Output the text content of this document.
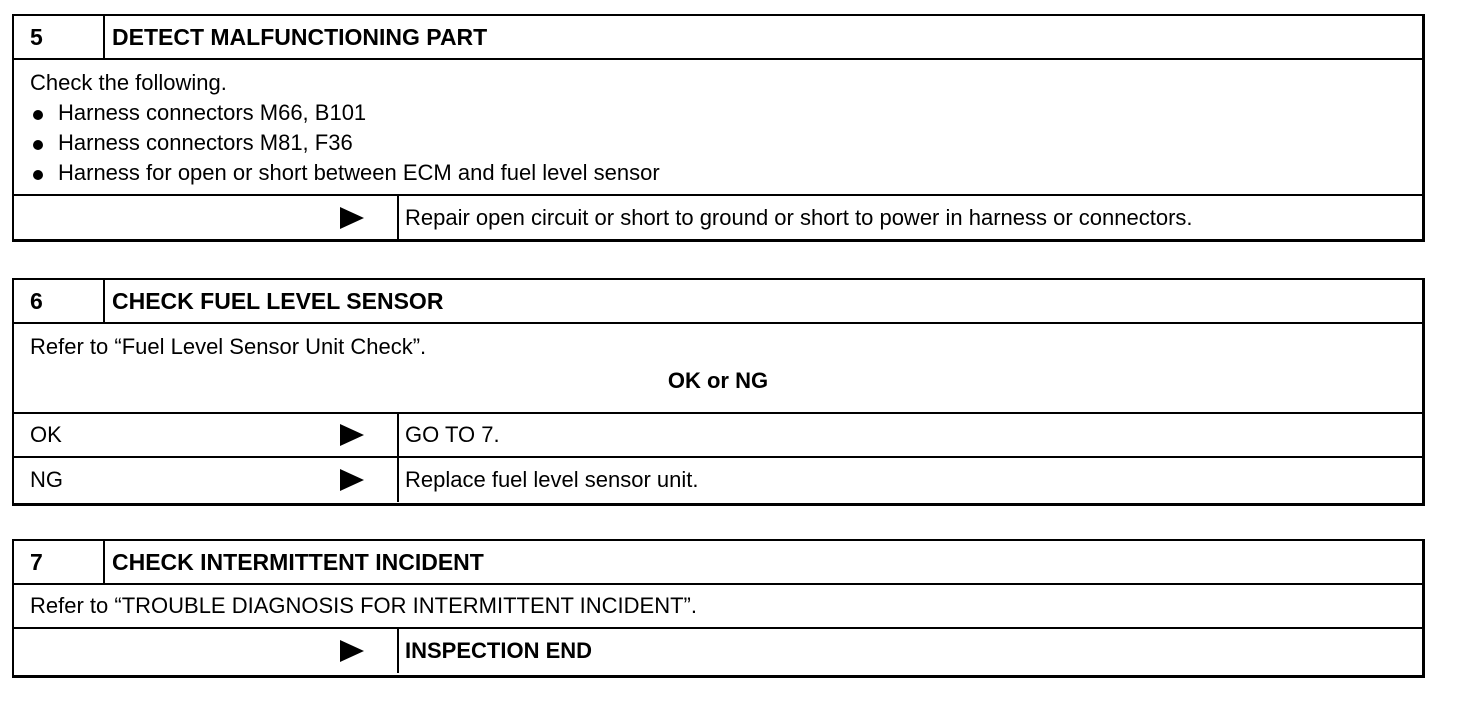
5	DETECT MALFUNCTIONING PART
Check the following.
Harness connectors M66, B101
Harness connectors M81, F36
Harness for open or short between ECM and fuel level sensor
Repair open circuit or short to ground or short to power in harness or connectors.
6	CHECK FUEL LEVEL SENSOR
Refer to “Fuel Level Sensor Unit Check”.
OK or NG
OK	GO TO 7.
NG	Replace fuel level sensor unit.
7	CHECK INTERMITTENT INCIDENT
Refer to “TROUBLE DIAGNOSIS FOR INTERMITTENT INCIDENT”.
INSPECTION END
